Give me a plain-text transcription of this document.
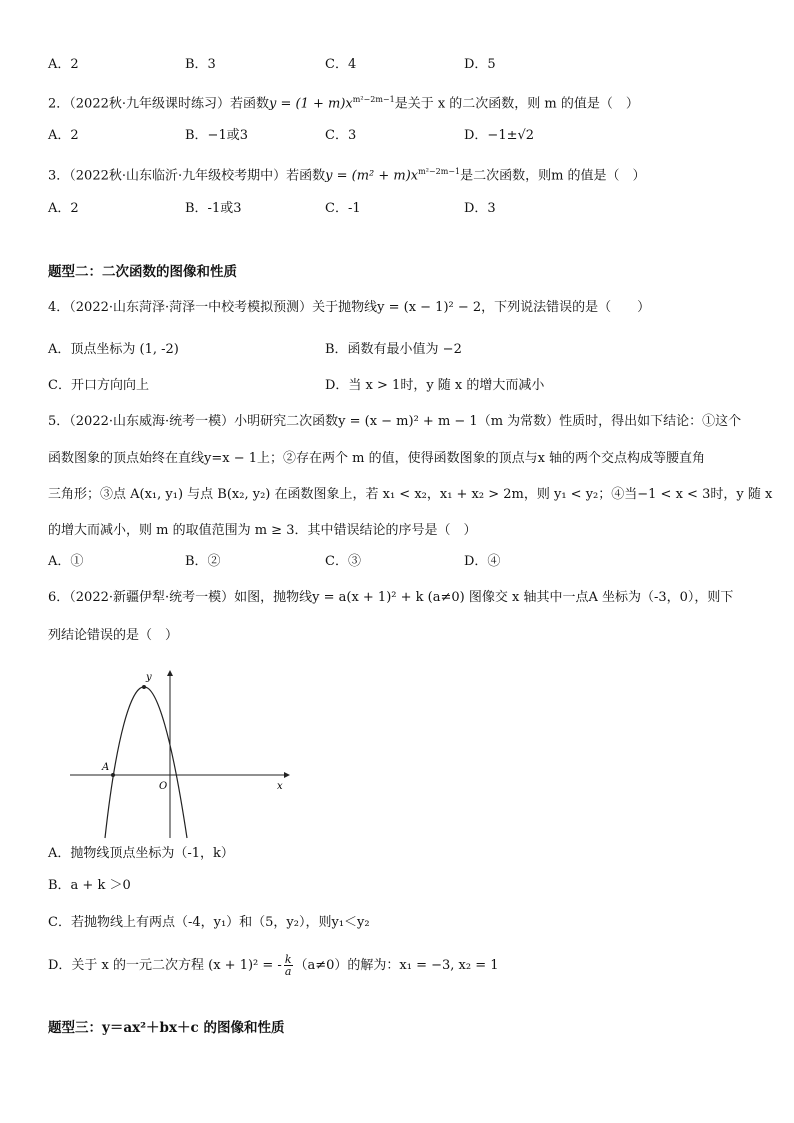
A．2	B．3	C．4	D．5
2．（2022秋·九年级课时练习）若函数$y = (1 + m)x^{m^2-2m-1}$是关于 x 的二次函数，则 m 的值是（　）
A．2	B．−1或3	C．3	D．−1±√2
3．（2022秋·山东临沂·九年级校考期中）若函数$y = (m^2 + m)x^{m^2-2m-1}$是二次函数，则m 的值是（　）
A．2	B．-1或3	C．-1	D．3
题型二：二次函数的图像和性质
4．（2022·山东菏泽·菏泽一中校考模拟预测）关于抛物线y = (x − 1)² − 2，下列说法错误的是（　　）
A．顶点坐标为 (1, -2)	B．函数有最小值为 −2
C．开口方向向上	D．当 x > 1时，y 随 x 的增大而减小
5．（2022·山东威海·统考一模）小明研究二次函数y = (x − m)² + m − 1（m 为常数）性质时，得出如下结论：①这个
函数图象的顶点始终在直线y=x − 1上；②存在两个 m 的值，使得函数图象的顶点与x 轴的两个交点构成等腰直角
三角形；③点 A(x₁, y₁) 与点 B(x₂, y₂) 在函数图象上，若 x₁ < x₂，x₁ + x₂ > 2m，则 y₁ < y₂；④当−1 < x < 3时，y 随 x
的增大而减小，则 m 的取值范围为 m ≥ 3．其中错误结论的序号是（　）
A．①	B．②	C．③	D．④
6．（2022·新疆伊犁·统考一模）如图，抛物线y = a(x + 1)² + k (a≠0) 图像交 x 轴其中一点A 坐标为（-3，0），则下
列结论错误的是（　）
A
O
y
x
A．抛物线顶点坐标为（-1，k）
B．a + k ＞0
C．若抛物线上有两点（-4，y₁）和（5，y₂），则y₁＜y₂
D．关于 x 的一元二次方程 (x + 1)² = - $\frac{k}{a} (a\ne 0)$的解为：x₁ = −3, x₂ = 1
题型三：y＝ax²＋bx＋c 的图像和性质
